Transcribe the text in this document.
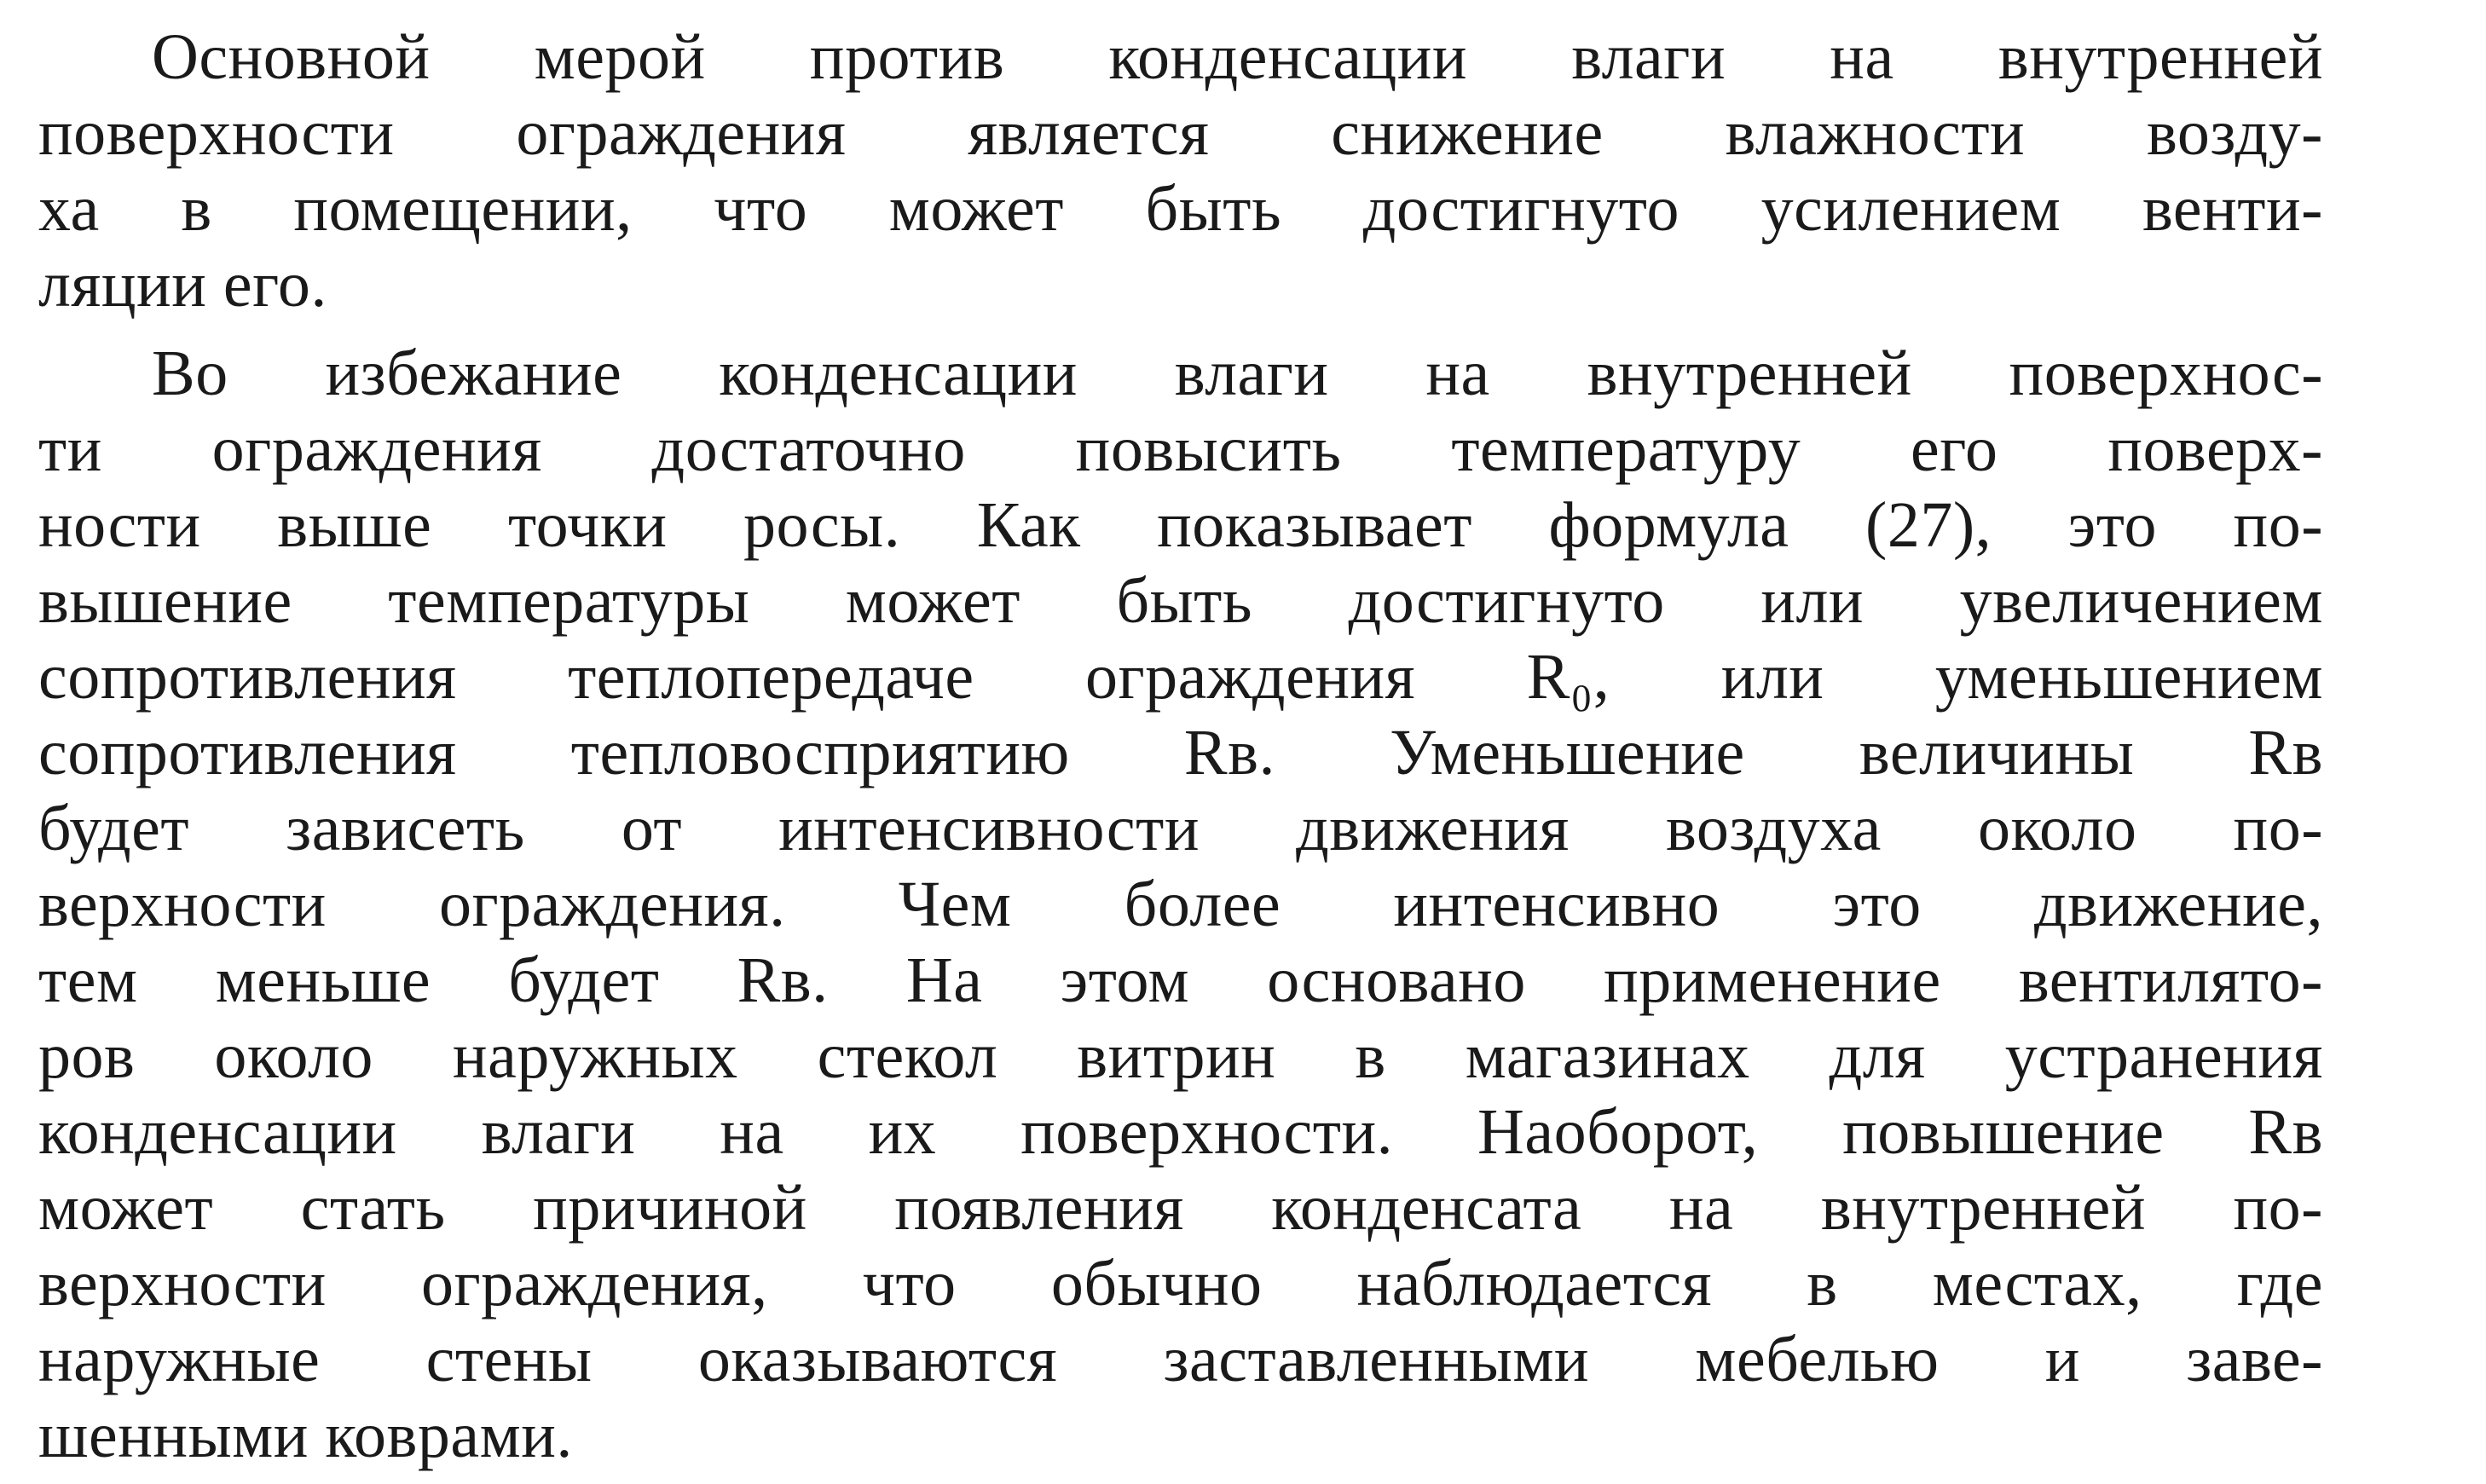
Основной мерой против конденсации влаги на внутренней
поверхности ограждения является снижение влажности возду-
ха в помещении, что может быть достигнуто усилением венти-
ляции его.
Во избежание конденсации влаги на внутренней поверхнос-
ти ограждения достаточно повысить температуру его поверх-
ности выше точки росы. Как показывает формула (27), это по-
вышение температуры может быть достигнуто или увеличением
сопротивления теплопередаче ограждения R₀, или уменьшением
сопротивления тепловосприятию Rв. Уменьшение величины Rв
будет зависеть от интенсивности движения воздуха около по-
верхности ограждения. Чем более интенсивно это движение,
тем меньше будет Rв. На этом основано применение вентилято-
ров около наружных стекол витрин в магазинах для устранения
конденсации влаги на их поверхности. Наоборот, повышение Rв
может стать причиной появления конденсата на внутренней по-
верхности ограждения, что обычно наблюдается в местах, где
наружные стены оказываются заставленными мебелью и заве-
шенными коврами.
